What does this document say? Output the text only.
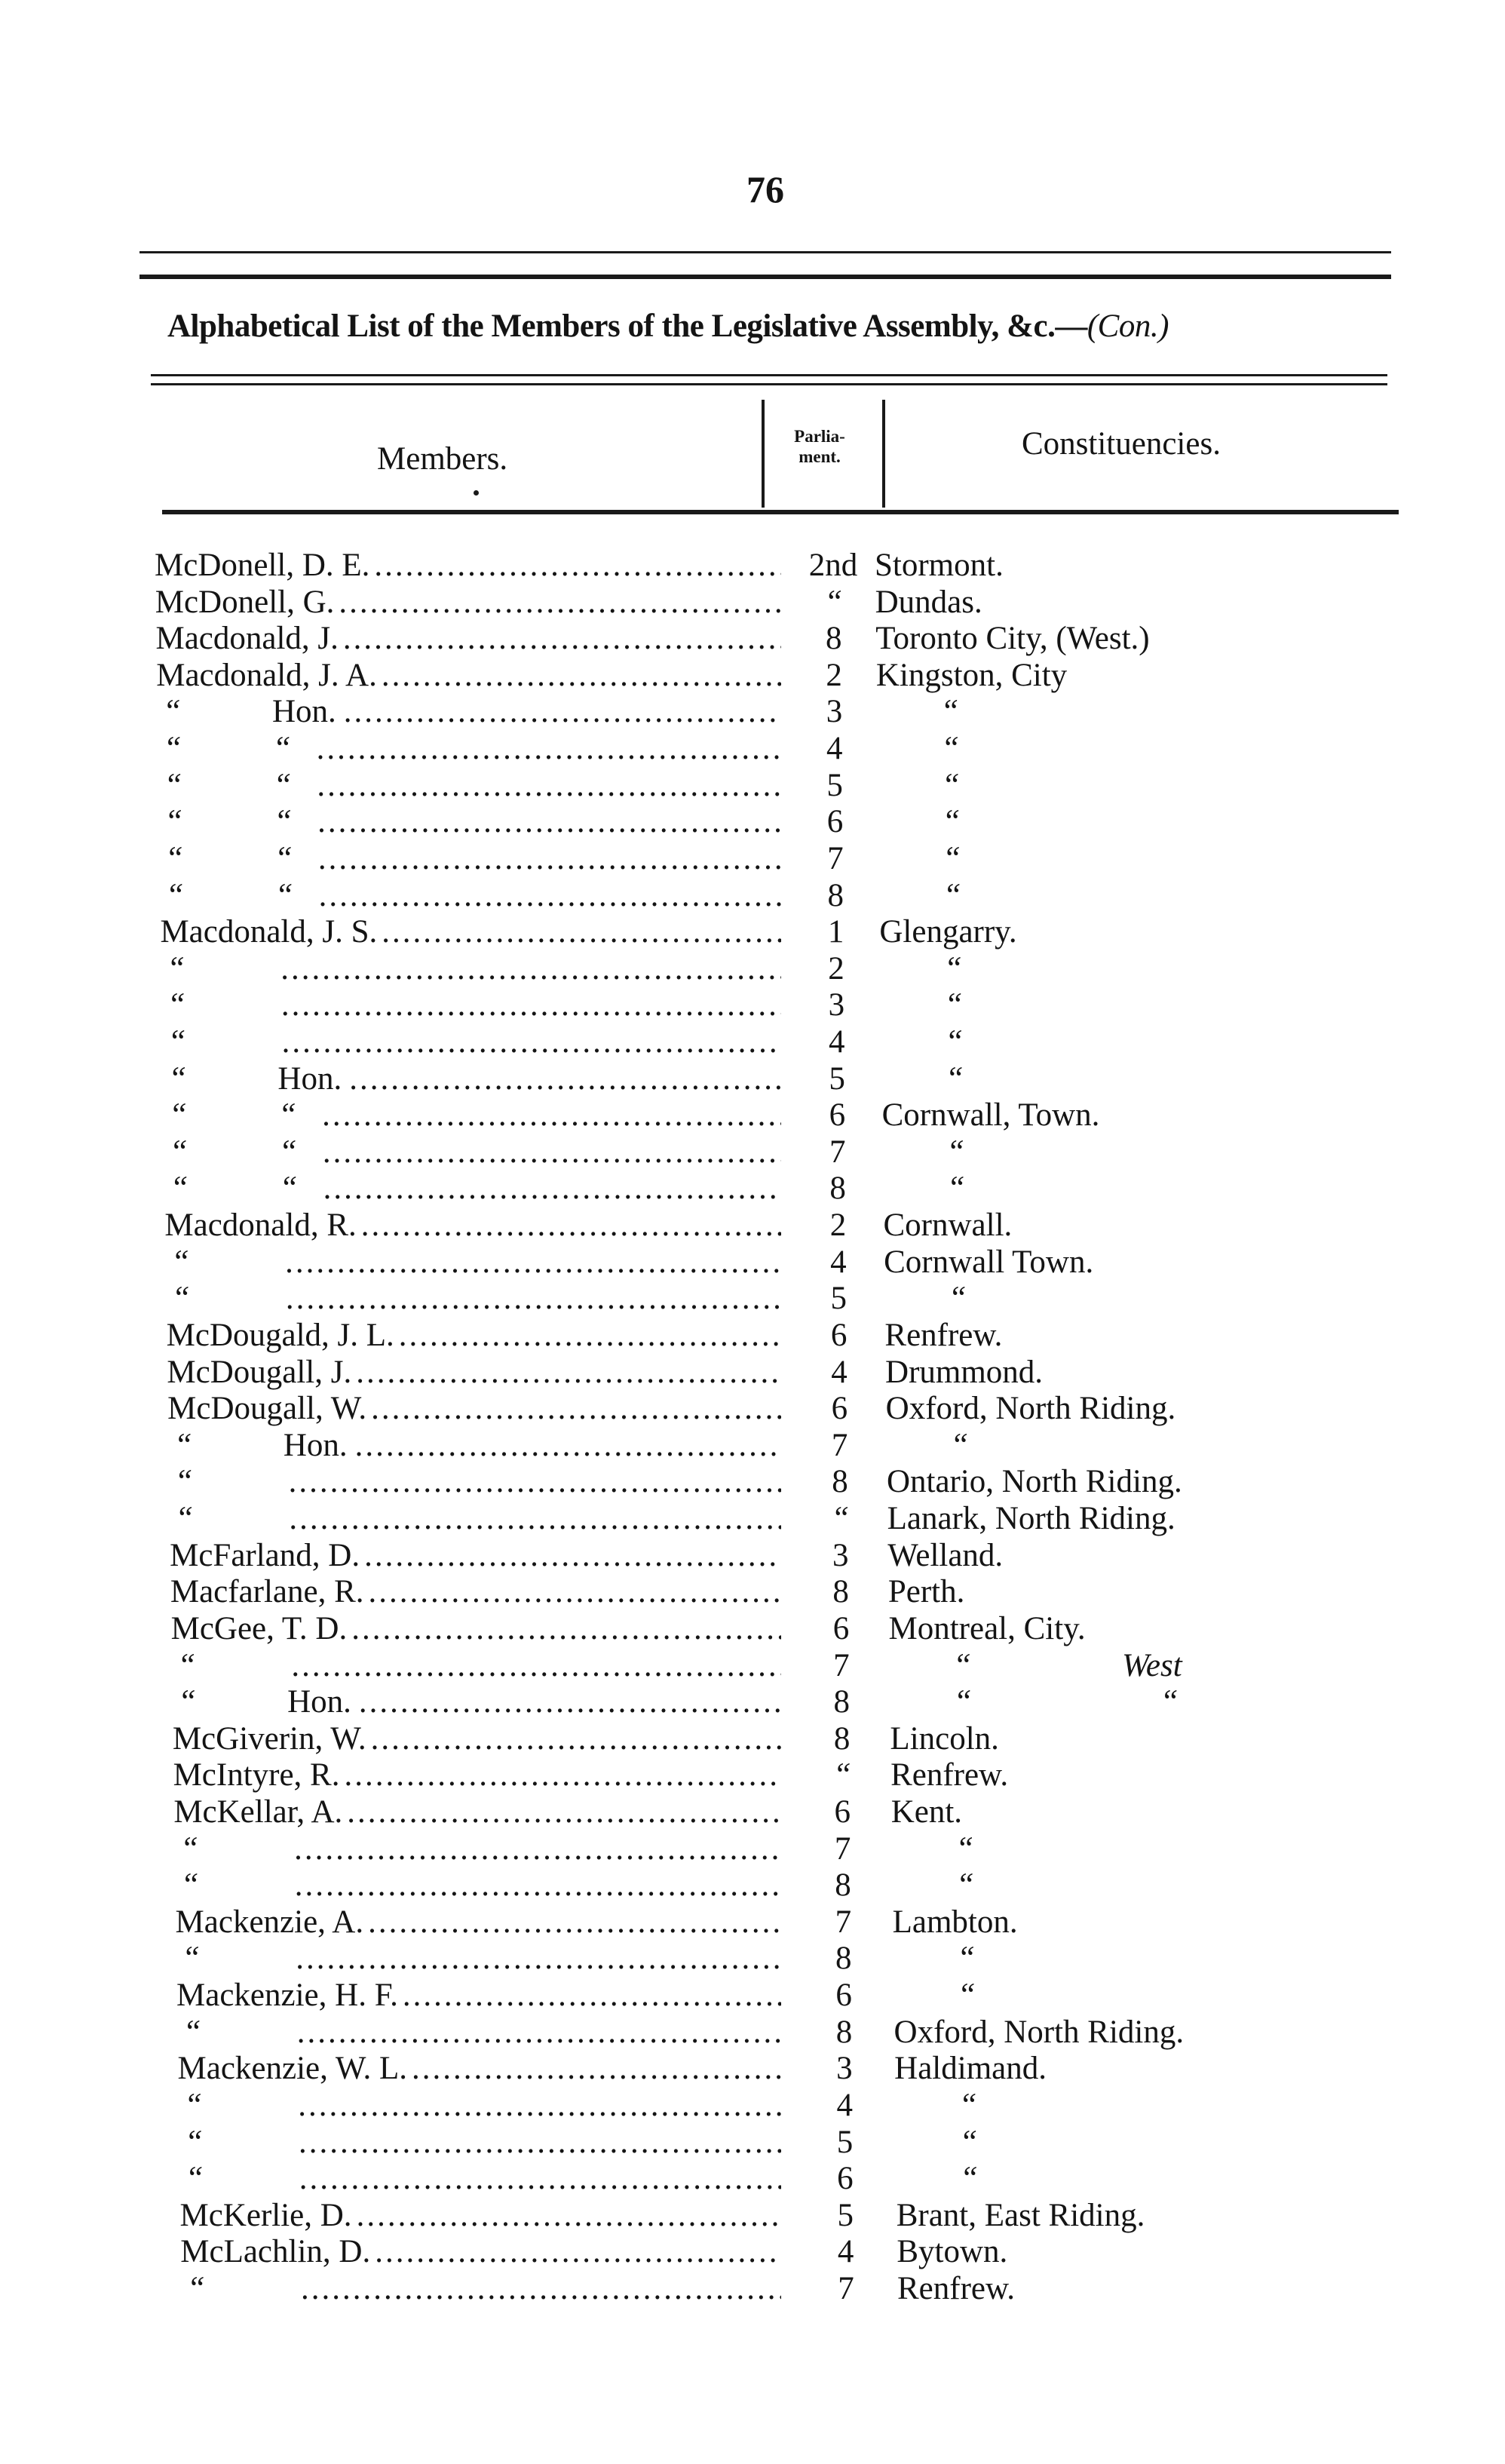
76
Alphabetical List of the Members of the Legislative Assembly, &c.—(Con.)
Members.
Parlia-
ment.	Constituencies.
McDonell, D. E. .....	2nd Stormont.
McDonell, G. .....	“	Dundas.
Macdonald, J. .....	8	Toronto City, (West.)
Macdonald, J. A. .....	2	Kingston, City
“	Hon. .....	3	“
“	“ .....	4	“
“	“ .....	5	“
“	“ .....	6	“
“	“ .....	7	“
“	“ .....	8	“
Macdonald, J. S. .....	1	Glengarry.
“ .....	2	“
“ .....	3	“
“ .....	4	“
“	Hon. .....	5	“
“	“ .....	6	Cornwall, Town.
“	“ .....	7	“
“	“ .....	8	“
Macdonald, R. .....	2	Cornwall.
“ .....	4	Cornwall Town.
“ .....	5	“
McDougald, J. L. .....	6	Renfrew.
McDougall, J. .....	4	Drummond.
McDougall, W. .....	6	Oxford, North Riding.
“	Hon. .....	7	“
“ .....	8	Ontario, North Riding.
“ .....	“	Lanark, North Riding.
McFarland, D. .....	3	Welland.
Macfarlane, R. .....	8	Perth.
McGee, T. D. .....	6	Montreal, City.
“ .....	7	“	West
“	Hon. .....	8	“	“
McGiverin, W. .....	8	Lincoln.
McIntyre, R. .....	“	Renfrew.
McKellar, A. .....	6	Kent.
“ .....	7	“
“ .....	8	“
Mackenzie, A. .....	7	Lambton.
“ .....	8	“
Mackenzie, H. F. .....	6	“
“ .....	8	Oxford, North Riding.
Mackenzie, W. L. .....	3	Haldimand.
“ .....	4	“
“ .....	5	“
“ .....	6	“
McKerlie, D. .....	5	Brant, East Riding.
McLachlin, D. .....	4	Bytown.
“ .....	7	Renfrew.
